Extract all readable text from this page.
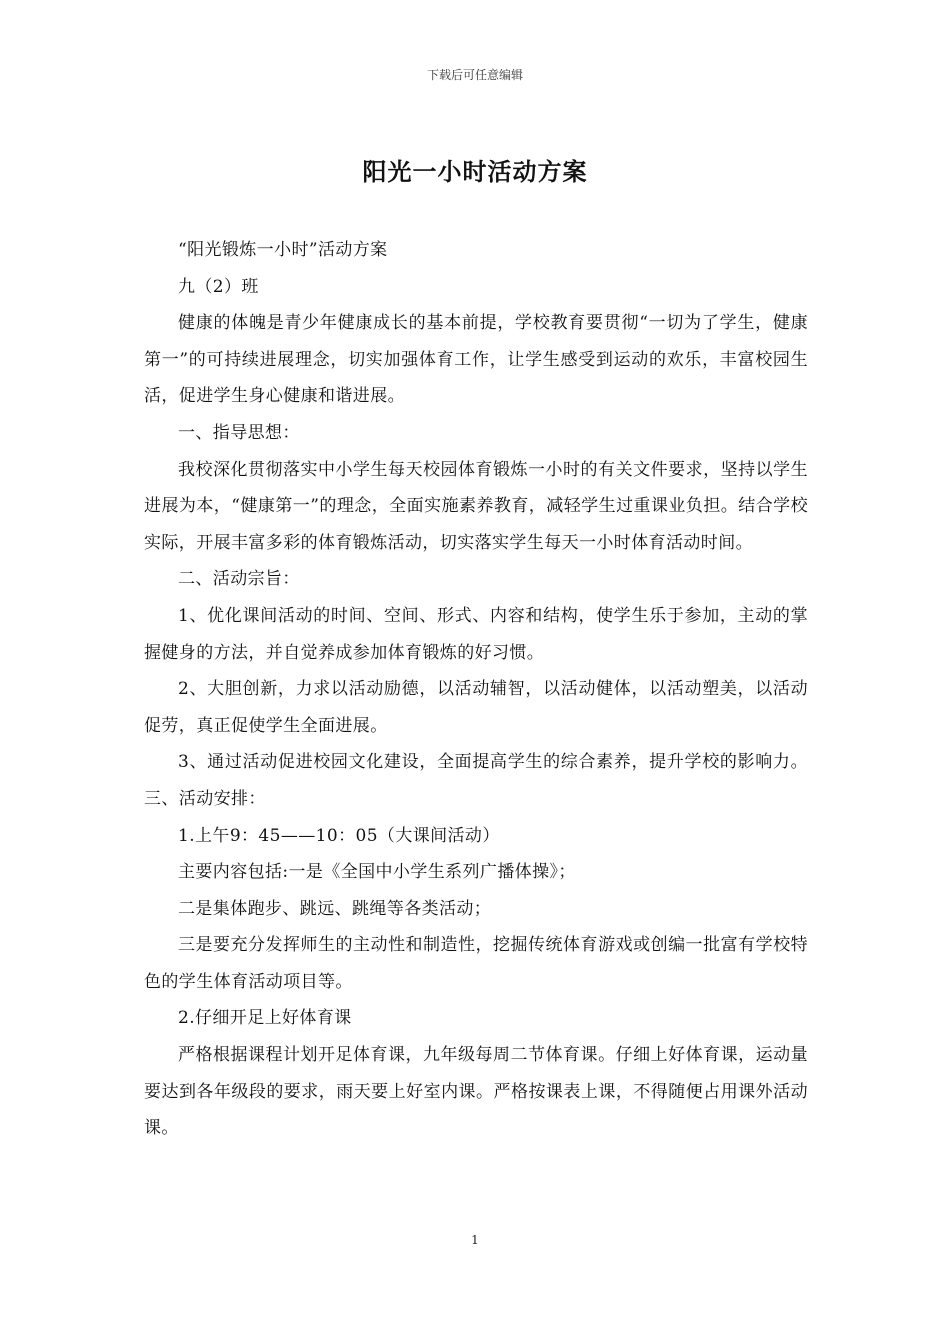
下载后可任意编辑
阳光一小时活动方案

“阳光锻炼一小时”活动方案

九（2）班

健康的体魄是青少年健康成长的基本前提，学校教育要贯彻“一切为了学生，健康第一”的可持续进展理念，切实加强体育工作，让学生感受到运动的欢乐，丰富校园生活，促进学生身心健康和谐进展。

一、指导思想：

我校深化贯彻落实中小学生每天校园体育锻炼一小时的有关文件要求，坚持以学生进展为本，“健康第一”的理念，全面实施素养教育，减轻学生过重课业负担。结合学校实际，开展丰富多彩的体育锻炼活动，切实落实学生每天一小时体育活动时间。

二、活动宗旨：

1、优化课间活动的时间、空间、形式、内容和结构，使学生乐于参加，主动的掌握健身的方法，并自觉养成参加体育锻炼的好习惯。

2、大胆创新，力求以活动励德，以活动辅智，以活动健体，以活动塑美，以活动促劳，真正促使学生全面进展。

3、通过活动促进校园文化建设，全面提高学生的综合素养，提升学校的影响力。三、活动安排：

1.上午9：45——10：05（大课间活动）

主要内容包括:一是《全国中小学生系列广播体操》；

二是集体跑步、跳远、跳绳等各类活动；

三是要充分发挥师生的主动性和制造性，挖掘传统体育游戏或创编一批富有学校特色的学生体育活动项目等。

2.仔细开足上好体育课

严格根据课程计划开足体育课，九年级每周二节体育课。仔细上好体育课，运动量要达到各年级段的要求，雨天要上好室内课。严格按课表上课，不得随便占用课外活动课。

1
